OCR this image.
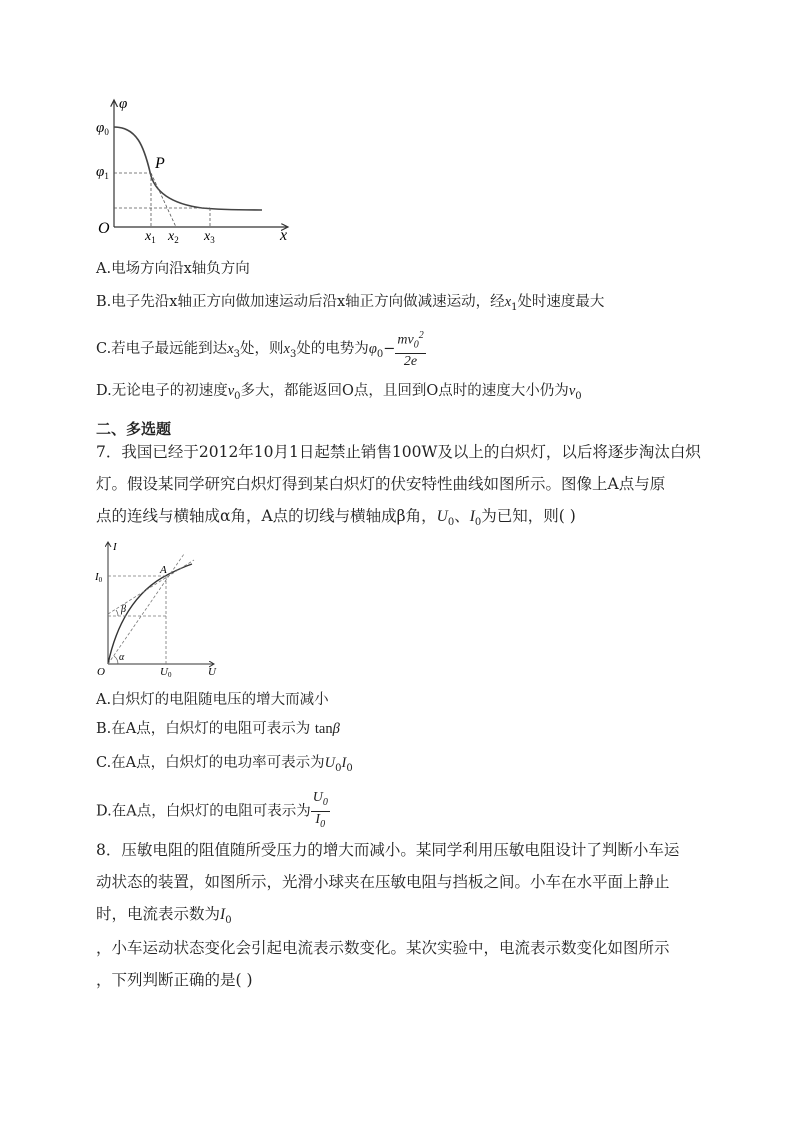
φ
$\varphi_0$
$\varphi_1$
P
O	x
$x_1$ $x_2$ $x_3$
A.电场方向沿x轴负方向
B.电子先沿x轴正方向做加速运动后沿x轴正方向做减速运动，经$x_1$处时速度最大
C.若电子最远能到达$x_3$处，则$x_3$处的电势为$\varphi_0- \frac{mv_0^2}{2e}$
D.无论电子的初速度$v_0$多大，都能返回O点，且回到O点时的速度大小仍为$v_0$
二、多选题
7．我国已经于2012年10月1日起禁止销售100W及以上的白炽灯，以后将逐步淘汰白炽
灯。假设某同学研究白炽灯得到某白炽灯的伏安特性曲线如图所示。图像上A点与原
点的连线与横轴成α角，A点的切线与横轴成β角，$U_0$、$I_0$为已知，则( )
I
U
O
A
I0
U0
β
α
A.白炽灯的电阻随电压的增大而减小
B.在A点，白炽灯的电阻可表示为 tanβ
C.在A点，白炽灯的电功率可表示为$U_0I_0$
D.在A点，白炽灯的电阻可表示为 $\frac{U_0}{I_0}$
8．压敏电阻的阻值随所受压力的增大而减小。某同学利用压敏电阻设计了判断小车运
动状态的装置，如图所示，光滑小球夹在压敏电阻与挡板之间。小车在水平面上静止
时，电流表示数为$I_0$
，小车运动状态变化会引起电流表示数变化。某次实验中，电流表示数变化如图所示
，下列判断正确的是( )
